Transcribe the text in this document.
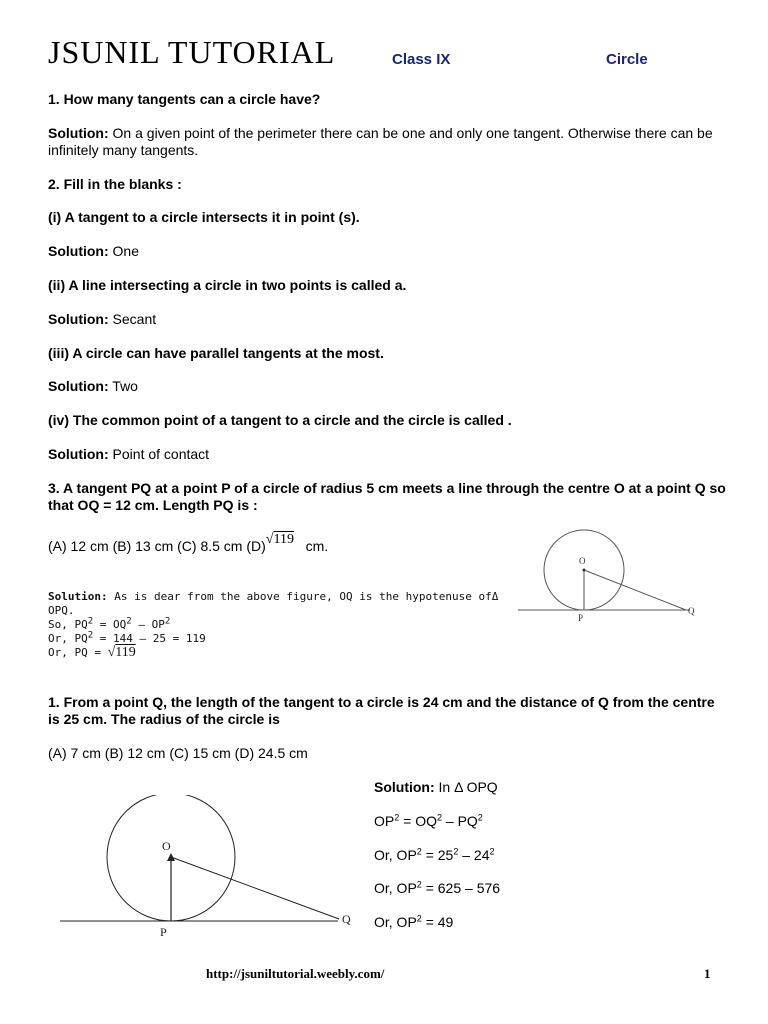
JSUNIL TUTORIAL	Class IX	Circle
1. How many tangents can a circle have?
Solution: On a given point of the perimeter there can be one and only one tangent. Otherwise there can be infinitely many tangents.
2. Fill in the blanks :
(i) A tangent to a circle intersects it in point (s).
Solution: One
(ii) A line intersecting a circle in two points is called a.
Solution: Secant
(iii) A circle can have parallel tangents at the most.
Solution: Two
(iv) The common point of a tangent to a circle and the circle is called .
Solution: Point of contact
3. A tangent PQ at a point P of a circle of radius 5 cm meets a line through the centre O at a point Q so that OQ = 12 cm. Length PQ is :
(A) 12 cm (B) 13 cm (C) 8.5 cm (D)√119 cm.
Solution: As is dear from the above figure, OQ is the hypotenuse ofΔ
OPQ.
So, $PQ^2 = OQ^2 - OP^2$
Or, $PQ^2 = 144 - 25 = 119$
Or, PQ = √119
O
P
Q
1. From a point Q, the length of the tangent to a circle is 24 cm and the distance of Q from the centre is 25 cm. The radius of the circle is
(A) 7 cm (B) 12 cm (C) 15 cm (D) 24.5 cm
Solution: In Δ OPQ
$OP^2 = OQ^2 - PQ^2$
Or, $OP^2 = 25^2 - 24^2$
Or, $OP^2 = 625 - 576$
Or, $OP^2 = 49$
O
P
Q
http://jsuniltutorial.weebly.com/	1
